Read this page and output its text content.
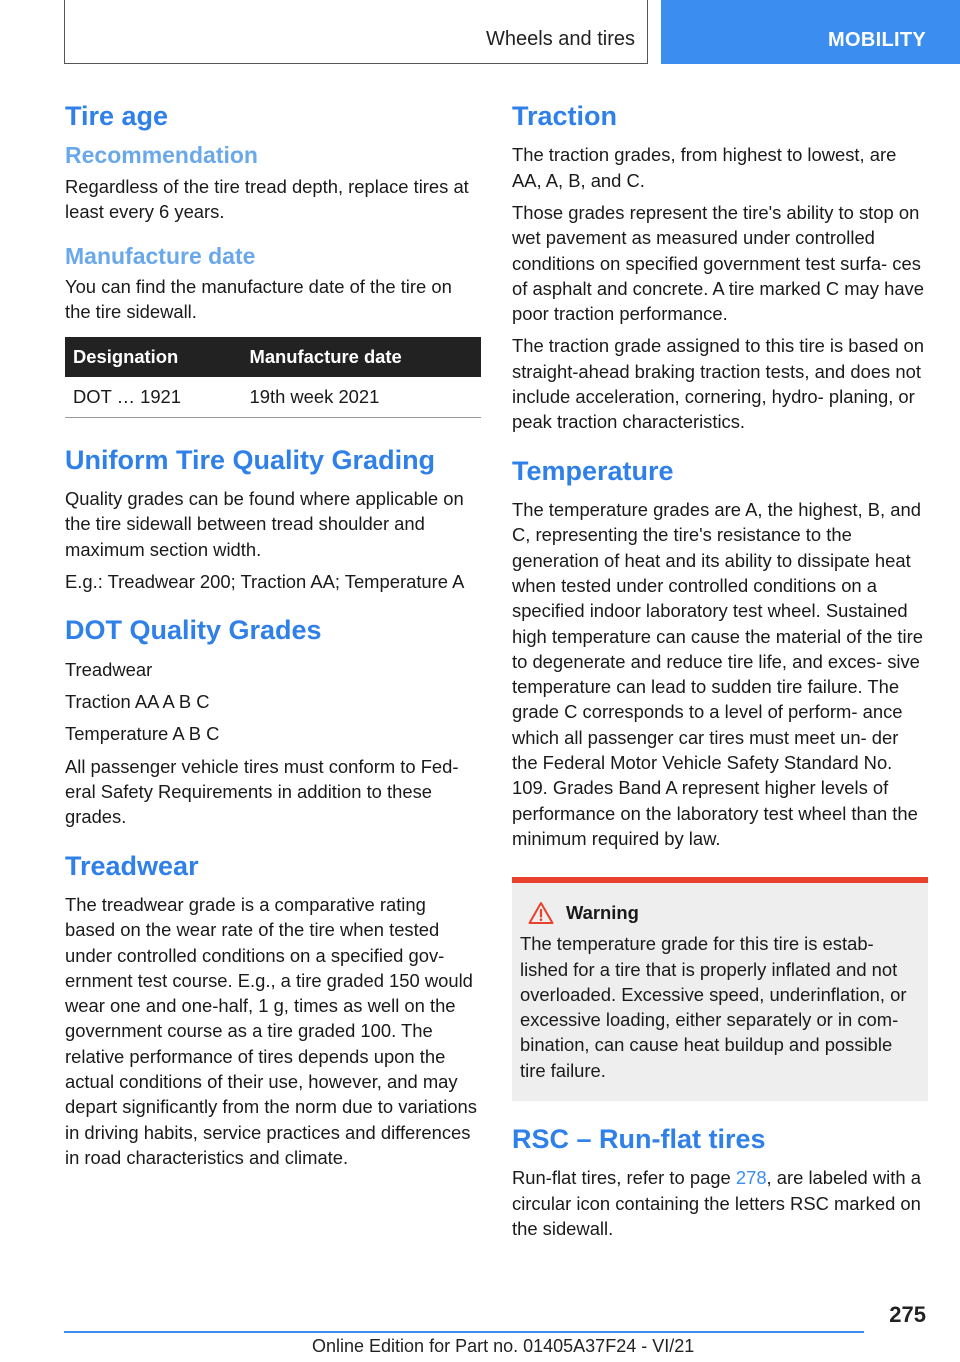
Wheels and tires	MOBILITY
Tire age
Recommendation

Regardless of the tire tread depth, replace tires at least every 6 years.

Manufacture date

You can find the manufacture date of the tire on the tire sidewall.

Designation	Manufacture date
DOT … 1921	19th week 2021
Uniform Tire Quality Grading

Quality grades can be found where applicable on the tire sidewall between tread shoulder and maximum section width.

E.g.: Treadwear 200; Traction AA; Temperature A

DOT Quality Grades

Treadwear

Traction AA A B C

Temperature A B C

All passenger vehicle tires must conform to Fed‐ eral Safety Requirements in addition to these grades.

Treadwear

The treadwear grade is a comparative rating based on the wear rate of the tire when tested under controlled conditions on a specified gov‐ ernment test course. E.g., a tire graded 150 would wear one and one-half, 1 g, times as well on the government course as a tire graded 100. The relative performance of tires depends upon the actual conditions of their use, however, and may depart significantly from the norm due to variations in driving habits, service practices and differences in road characteristics and climate.

Traction

The traction grades, from highest to lowest, are AA, A, B, and C.

Those grades represent the tire's ability to stop on wet pavement as measured under controlled conditions on specified government test surfa‐ ces of asphalt and concrete. A tire marked C may have poor traction performance.

The traction grade assigned to this tire is based on straight-ahead braking traction tests, and does not include acceleration, cornering, hydro‐ planing, or peak traction characteristics.

Temperature

The temperature grades are A, the highest, B, and C, representing the tire's resistance to the generation of heat and its ability to dissipate heat when tested under controlled conditions on a specified indoor laboratory test wheel. Sustained high temperature can cause the material of the tire to degenerate and reduce tire life, and exces‐ sive temperature can lead to sudden tire failure. The grade C corresponds to a level of perform‐ ance which all passenger car tires must meet un‐ der the Federal Motor Vehicle Safety Standard No. 109. Grades Band A represent higher levels of performance on the laboratory test wheel than the minimum required by law.

Warning

The temperature grade for this tire is estab‐ lished for a tire that is properly inflated and not overloaded. Excessive speed, underinflation, or excessive loading, either separately or in com‐ bination, can cause heat buildup and possible tire failure.

RSC – Run‐flat tires

Run-flat tires, refer to page 278, are labeled with a circular icon containing the letters RSC marked on the sidewall.

275
Online Edition for Part no. 01405A37F24 - VI/21
